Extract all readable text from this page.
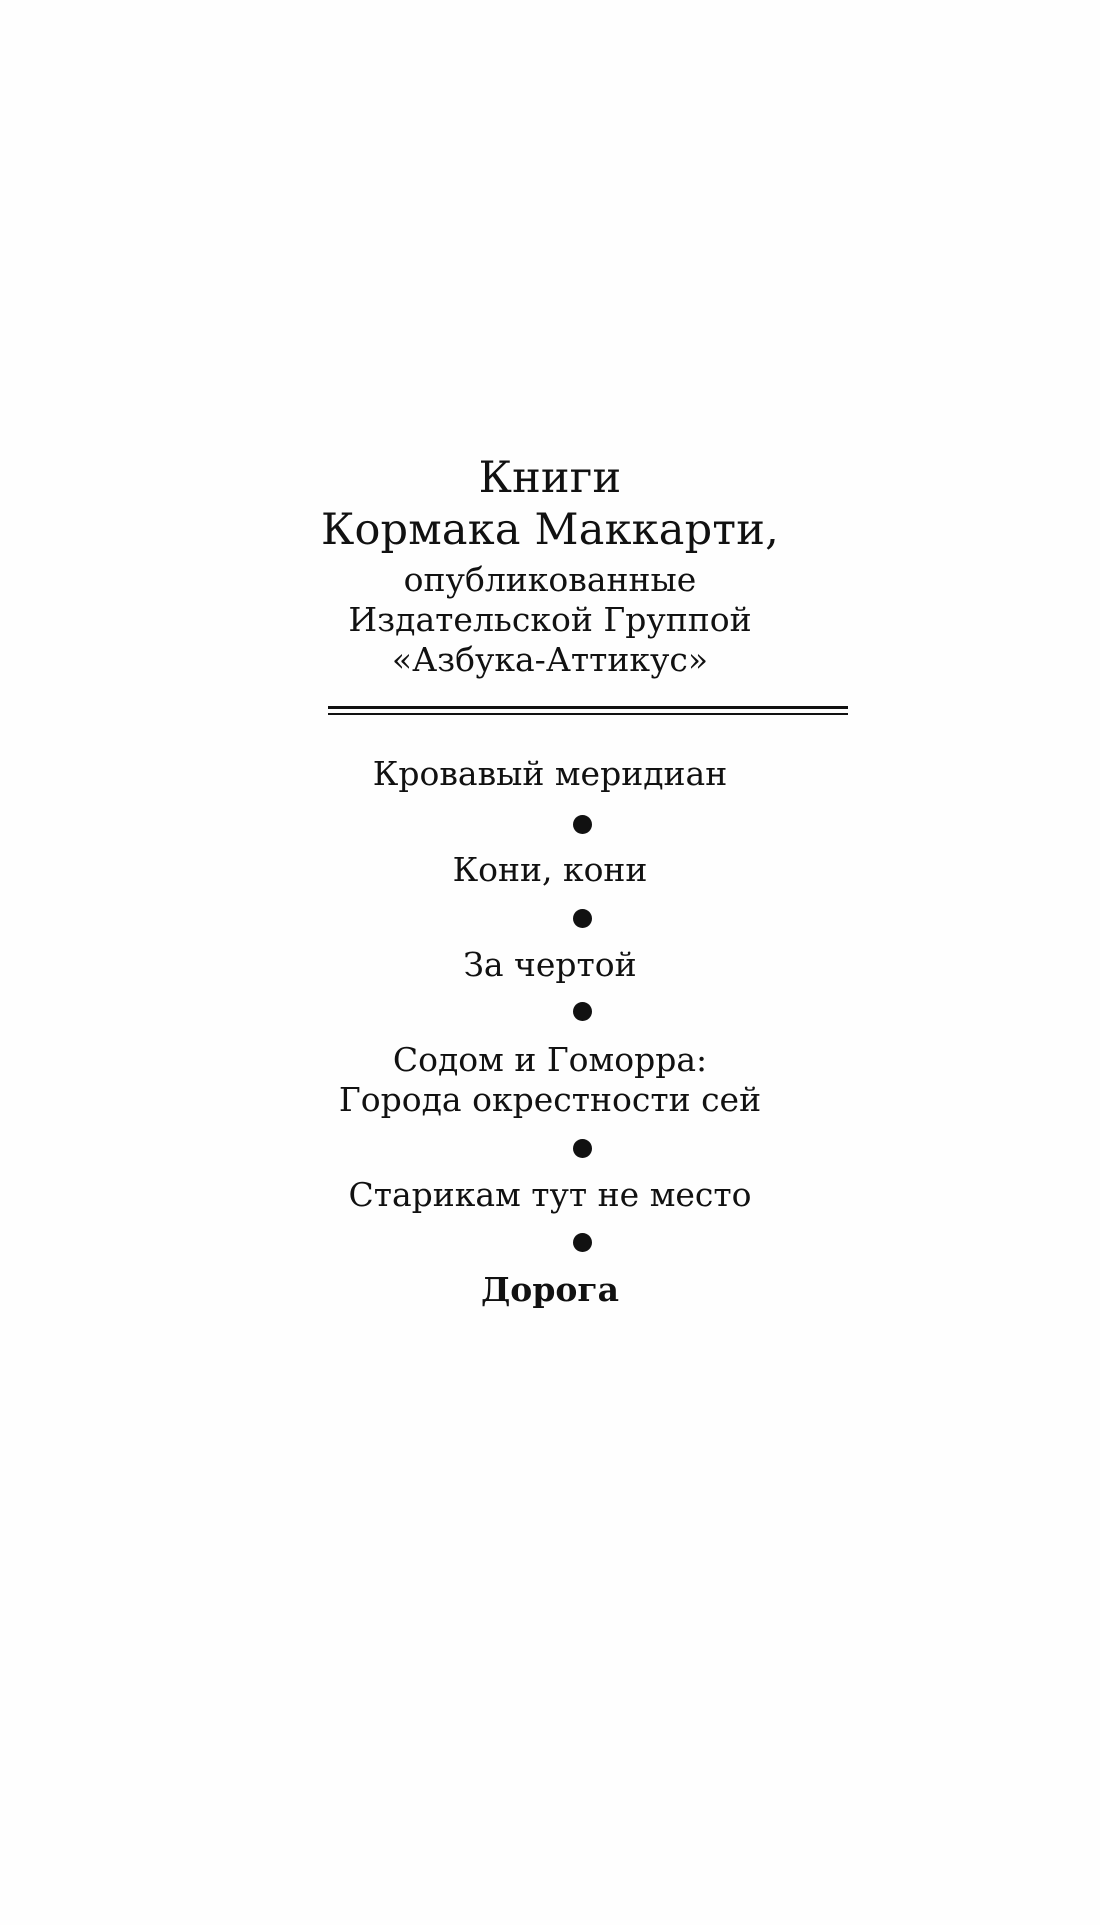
Книги
Кормака Маккарти,
опубликованные
Издательской Группой
«Азбука-Аттикус»
Кровавый меридиан
Кони, кони
За чертой
Содом и Гоморра:
Города окрестности сей
Старикам тут не место
Дорога
